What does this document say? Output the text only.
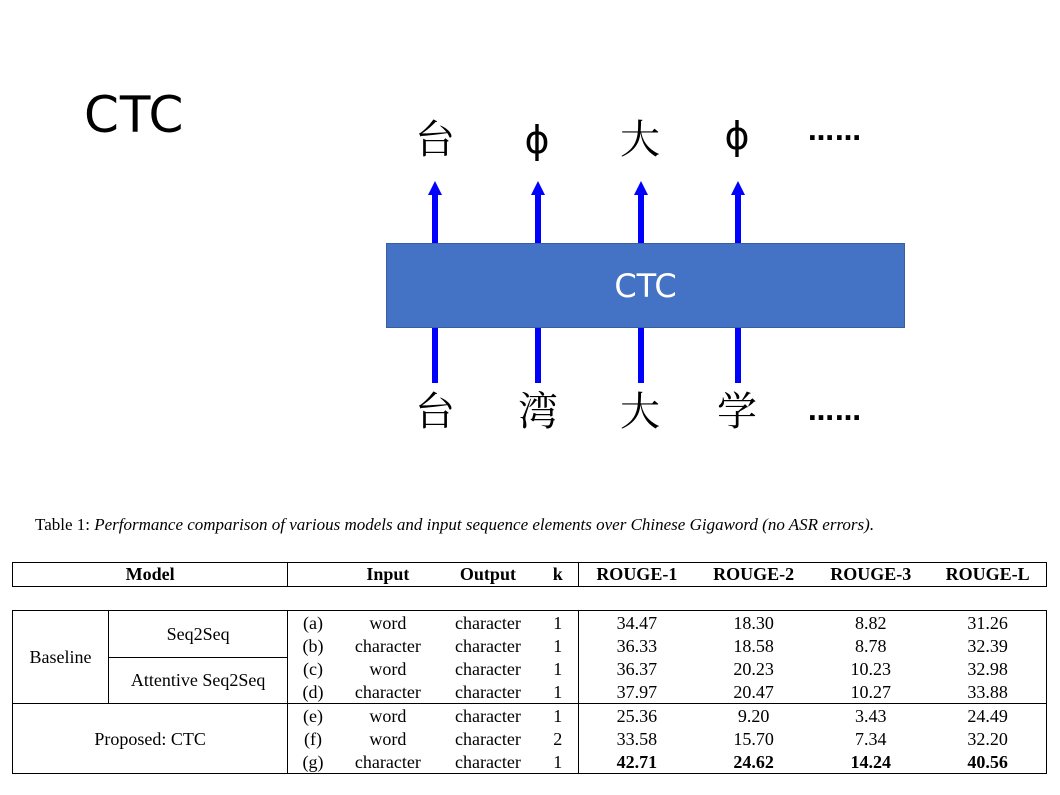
CTC	台	ϕ	大	ϕ	……
CTC
台 湾 大 学	……
Table 1: Performance comparison of various models and input sequence elements over Chinese Gigaword (no ASR errors).
Model			Input	Output	k	ROUGE-1	ROUGE-2	ROUGE-3	ROUGE-L

Baseline	Seq2Seq	(a)	word	character	1	34.47	18.30	8.82	31.26
		(b)	character	character	1	36.33	18.58	8.78	32.39
	Attentive Seq2Seq	(c)	word	character	1	36.37	20.23	10.23	32.98
		(d)	character	character	1	37.97	20.47	10.27	33.88
Proposed: CTC		(e)	word	character	1	25.36	9.20	3.43	24.49
		(f)	word	character	2	33.58	15.70	7.34	32.20
		(g)	character	character	1	42.71	24.62	14.24	40.56
